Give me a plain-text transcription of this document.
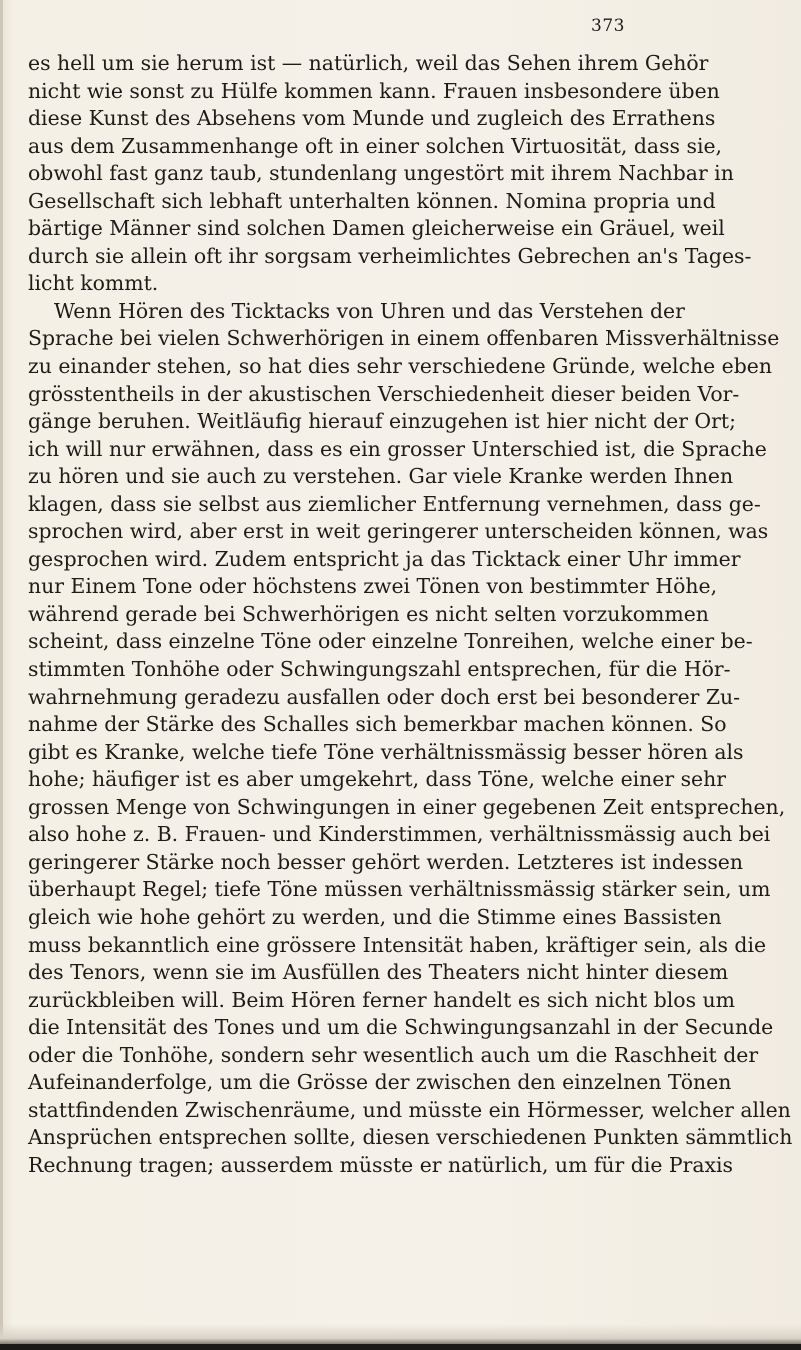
373
es hell um sie herum ist — natürlich, weil das Sehen ihrem Gehör
nicht wie sonst zu Hülfe kommen kann. Frauen insbesondere üben
diese Kunst des Absehens vom Munde und zugleich des Errathens
aus dem Zusammenhange oft in einer solchen Virtuosität, dass sie,
obwohl fast ganz taub, stundenlang ungestört mit ihrem Nachbar in
Gesellschaft sich lebhaft unterhalten können. Nomina propria und
bärtige Männer sind solchen Damen gleicherweise ein Gräuel, weil
durch sie allein oft ihr sorgsam verheimlichtes Gebrechen an's Tages-
licht kommt.
Wenn Hören des Ticktacks von Uhren und das Verstehen der
Sprache bei vielen Schwerhörigen in einem offenbaren Missverhältnisse
zu einander stehen, so hat dies sehr verschiedene Gründe, welche eben
grösstentheils in der akustischen Verschiedenheit dieser beiden Vor-
gänge beruhen. Weitläufig hierauf einzugehen ist hier nicht der Ort;
ich will nur erwähnen, dass es ein grosser Unterschied ist, die Sprache
zu hören und sie auch zu verstehen. Gar viele Kranke werden Ihnen
klagen, dass sie selbst aus ziemlicher Entfernung vernehmen, dass ge-
sprochen wird, aber erst in weit geringerer unterscheiden können, was
gesprochen wird. Zudem entspricht ja das Ticktack einer Uhr immer
nur Einem Tone oder höchstens zwei Tönen von bestimmter Höhe,
während gerade bei Schwerhörigen es nicht selten vorzukommen
scheint, dass einzelne Töne oder einzelne Tonreihen, welche einer be-
stimmten Tonhöhe oder Schwingungszahl entsprechen, für die Hör-
wahrnehmung geradezu ausfallen oder doch erst bei besonderer Zu-
nahme der Stärke des Schalles sich bemerkbar machen können. So
gibt es Kranke, welche tiefe Töne verhältnissmässig besser hören als
hohe; häufiger ist es aber umgekehrt, dass Töne, welche einer sehr
grossen Menge von Schwingungen in einer gegebenen Zeit entsprechen,
also hohe z. B. Frauen- und Kinderstimmen, verhältnissmässig auch bei
geringerer Stärke noch besser gehört werden. Letzteres ist indessen
überhaupt Regel; tiefe Töne müssen verhältnissmässig stärker sein, um
gleich wie hohe gehört zu werden, und die Stimme eines Bassisten
muss bekanntlich eine grössere Intensität haben, kräftiger sein, als die
des Tenors, wenn sie im Ausfüllen des Theaters nicht hinter diesem
zurückbleiben will. Beim Hören ferner handelt es sich nicht blos um
die Intensität des Tones und um die Schwingungsanzahl in der Secunde
oder die Tonhöhe, sondern sehr wesentlich auch um die Raschheit der
Aufeinanderfolge, um die Grösse der zwischen den einzelnen Tönen
stattfindenden Zwischenräume, und müsste ein Hörmesser, welcher allen
Ansprüchen entsprechen sollte, diesen verschiedenen Punkten sämmtlich
Rechnung tragen; ausserdem müsste er natürlich, um für die Praxis
